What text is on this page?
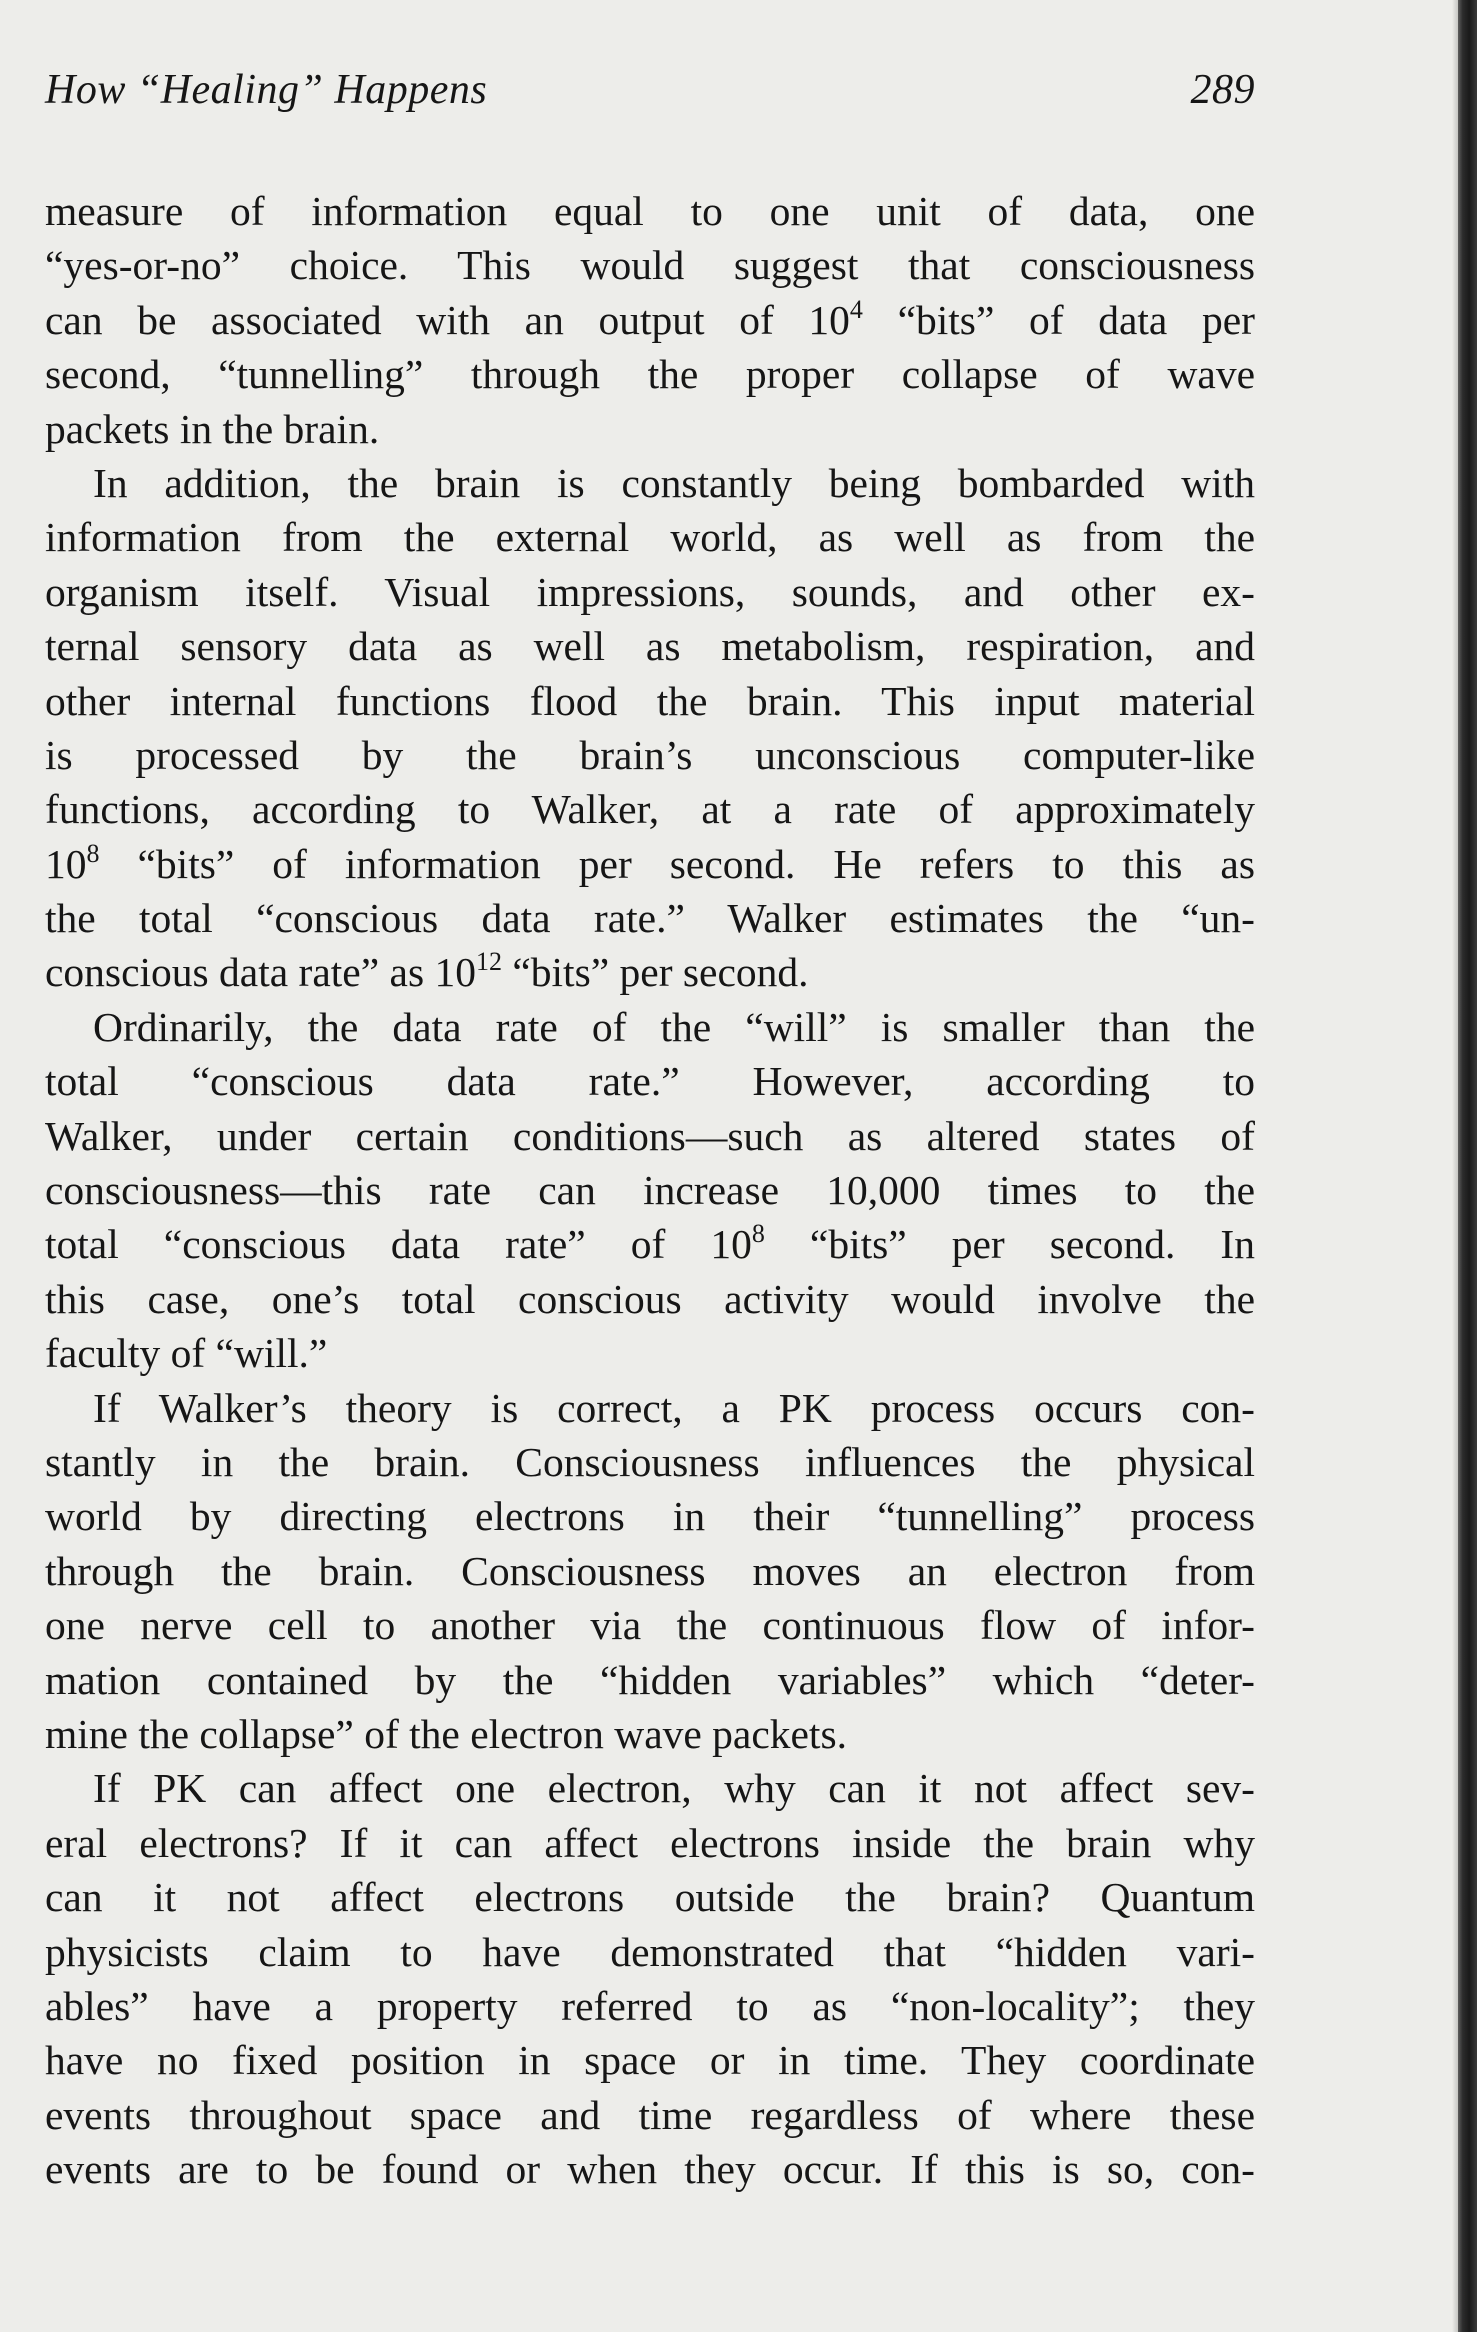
How “Healing” Happens	289
measure of information equal to one unit of data, one
“yes-or-no” choice. This would suggest that consciousness
can be associated with an output of $10^4$ “bits” of data per
second, “tunnelling” through the proper collapse of wave
packets in the brain.
In addition, the brain is constantly being bombarded with
information from the external world, as well as from the
organism itself. Visual impressions, sounds, and other ex-
ternal sensory data as well as metabolism, respiration, and
other internal functions flood the brain. This input material
is processed by the brain’s unconscious computer-like
functions, according to Walker, at a rate of approximately
$10^8$ “bits” of information per second. He refers to this as
the total “conscious data rate.” Walker estimates the “un-
conscious data rate” as $10^{12}$ “bits” per second.
Ordinarily, the data rate of the “will” is smaller than the
total “conscious data rate.” However, according to
Walker, under certain conditions—such as altered states of
consciousness—this rate can increase 10,000 times to the
total “conscious data rate” of $10^8$ “bits” per second. In
this case, one’s total conscious activity would involve the
faculty of “will.”
If Walker’s theory is correct, a PK process occurs con-
stantly in the brain. Consciousness influences the physical
world by directing electrons in their “tunnelling” process
through the brain. Consciousness moves an electron from
one nerve cell to another via the continuous flow of infor-
mation contained by the “hidden variables” which “deter-
mine the collapse” of the electron wave packets.
If PK can affect one electron, why can it not affect sev-
eral electrons? If it can affect electrons inside the brain why
can it not affect electrons outside the brain? Quantum
physicists claim to have demonstrated that “hidden vari-
ables” have a property referred to as “non-locality”; they
have no fixed position in space or in time. They coordinate
events throughout space and time regardless of where these
events are to be found or when they occur. If this is so, con-
